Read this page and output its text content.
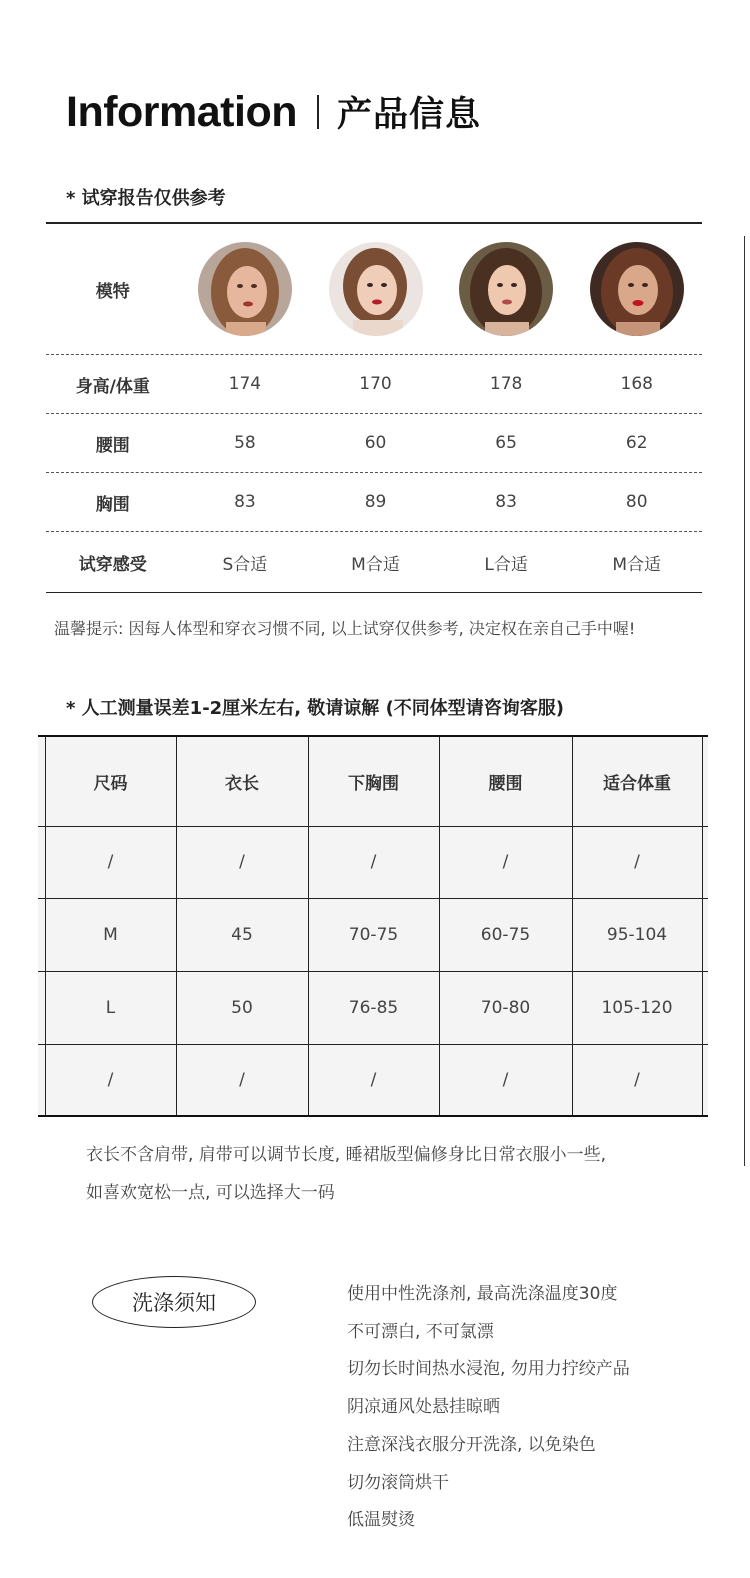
Information 产品信息
* 试穿报告仅供参考
模特
身高/体重	174	170	178	168
腰围	58	60	65	62
胸围	83	89	83	80
试穿感受	S合适	M合适	L合适	M合适
温馨提示: 因每人体型和穿衣习惯不同, 以上试穿仅供参考, 决定权在亲自己手中喔!
* 人工测量误差1-2厘米左右, 敬请谅解 (不同体型请咨询客服)
	尺码	衣长	下胸围	腰围	适合体重	
	/	/	/	/	/	
	M	45	70-75	60-75	95-104	
	L	50	76-85	70-80	105-120	
	/	/	/	/	/	
衣长不含肩带, 肩带可以调节长度, 睡裙版型偏修身比日常衣服小一些,
如喜欢宽松一点, 可以选择大一码
洗涤须知	使用中性洗涤剂, 最高洗涤温度30度
不可漂白, 不可氯漂
切勿长时间热水浸泡, 勿用力拧绞产品
阴凉通风处悬挂晾晒
注意深浅衣服分开洗涤, 以免染色
切勿滚筒烘干
低温熨烫
